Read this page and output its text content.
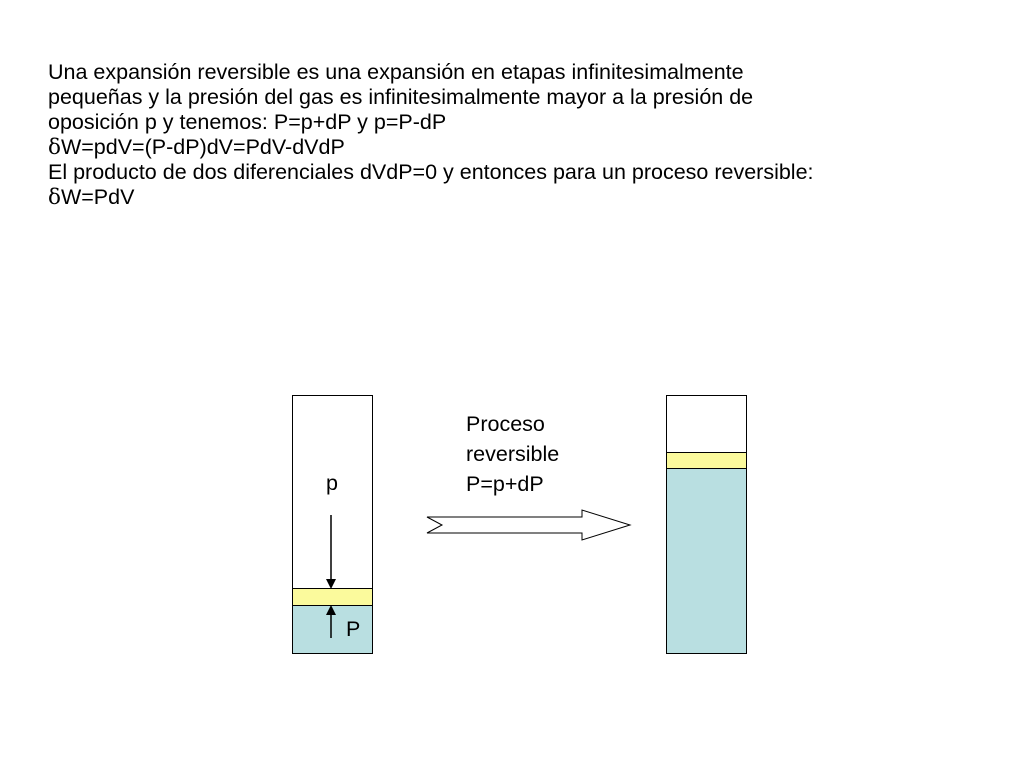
Una expansión reversible es una expansión en etapas infinitesimalmente
pequeñas y la presión del gas es infinitesimalmente mayor a la presión de
oposición p y tenemos: P=p+dP y p=P-dP
δW=pdV=(P-dP)dV=PdV-dVdP
El producto de dos diferenciales dVdP=0 y entonces para un proceso reversible:
δW=PdV
p
P
Proceso
reversible
P=p+dP
